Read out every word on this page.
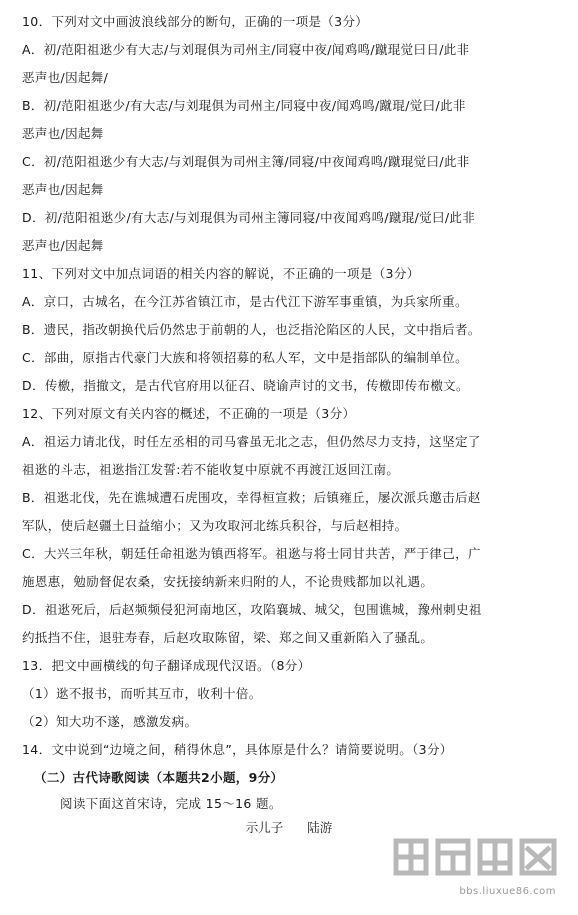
10．下列对文中画波浪线部分的断句，正确的一项是（3分）
A．初/范阳祖逖少有大志/与刘琨俱为司州主/同寝中夜/闻鸡鸣/蹴琨觉曰日/此非
恶声也/因起舞/
B．初/范阳祖逖少/有大志/与刘琨俱为司州主/同寝中夜/闻鸡鸣/蹴琨/觉曰/此非
恶声也/因起舞
C．初/范阳祖逖少有大志/与刘琨俱为司州主簿/同寝/中夜闻鸡鸣/蹴琨觉曰/此非
恶声也/因起舞
D．初/范阳祖逖少/有大志/与刘琨俱为司州主簿同寝/中夜闻鸡鸣/蹴琨/觉曰/此非
恶声也/因起舞
11、下列对文中加点词语的相关内容的解说，不正确的一项是（3分）
A．京口，古城名，在今江苏省镇江市，是古代江下游军事重镇，为兵家所重。
B．遗民，指改朝换代后仍然忠于前朝的人，也泛指沦陷区的人民，文中指后者。
C．部曲，原指古代豪门大族和将领招募的私人军，文中是指部队的编制单位。
D．传檄，指撤文，是古代官府用以征召、晓谕声讨的文书，传檄即传布檄文。
12、下列对原文有关内容的概述，不正确的一项是（3分）
A．祖运力请北伐，时任左丞相的司马睿虽无北之志，但仍然尽力支持，这坚定了
祖逖的斗志，祖逖指江发誓:若不能收复中原就不再渡江返回江南。
B．祖逖北伐，先在谯城遭石虎围攻，幸得桓宣救；后镇雍丘，屡次派兵邀击后赵
军队，使后赵疆土日益缩小；又为攻取河北练兵积谷，与后赵相持。
C．大兴三年秋，朝廷任命祖逖为镇西将军。祖逖与将士同甘共苦，严于律己，广
施恩惠，勉励督促农桑，安抚接纳新来归附的人，不论贵贱都加以礼遇。
D．祖逖死后，后赵频频侵犯河南地区，攻陷襄城、城父，包围谯城，豫州刺史祖
约抵挡不住，退驻寿春，后赵攻取陈留，梁、郑之间又重新陷入了骚乱。
13．把文中画横线的句子翻译成现代汉语。（8分）
（1）逖不报书，而听其互市，收利十倍。
（2）知大功不遂，感激发病。
14．文中说到“边境之间，稍得休息”，具体原是什么？请简要说明。（3分）
（二）古代诗歌阅读（本题共2小题，9分）
阅读下面这首宋诗，完成 15～16 题。
示儿子 陆游
bbs.liuxue86.com
